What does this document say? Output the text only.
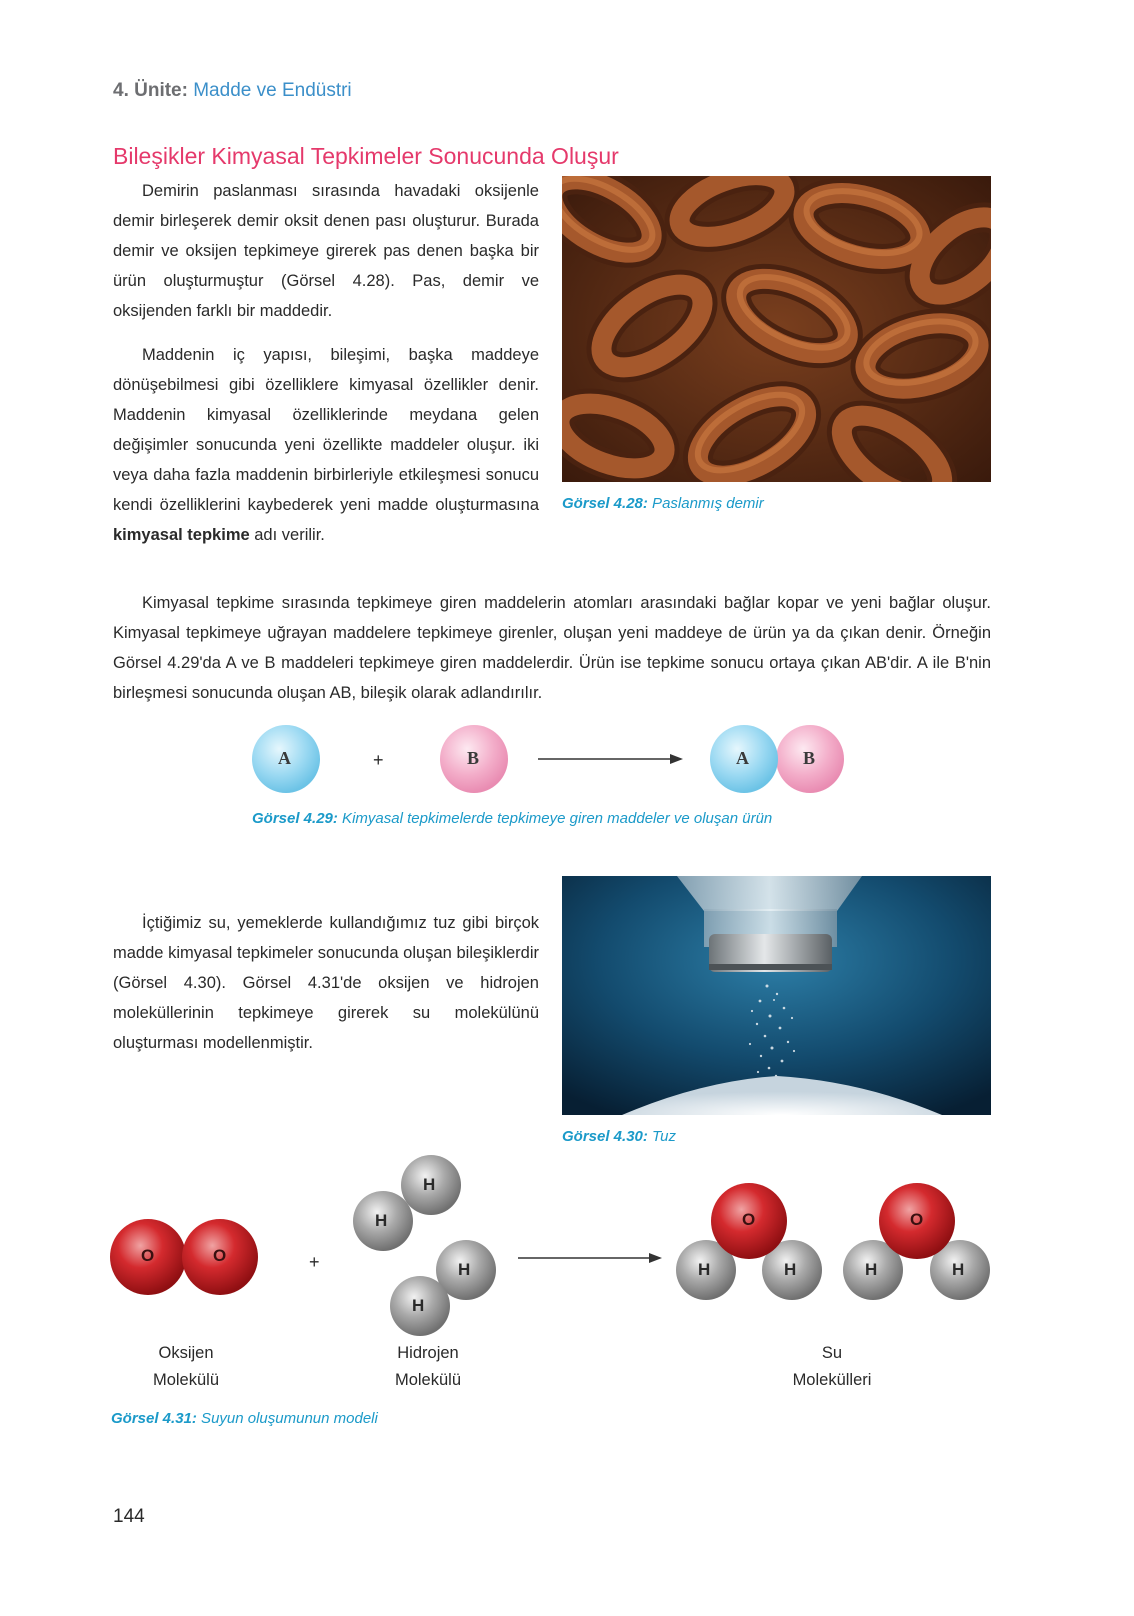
4. Ünite: Madde ve Endüstri
Bileşikler Kimyasal Tepkimeler Sonucunda Oluşur

Demirin paslanması sırasında havadaki oksijenle demir birleşerek demir oksit denen pası oluşturur. Burada demir ve oksijen tepkimeye girerek pas denen başka bir ürün oluşturmuştur (Görsel 4.28). Pas, demir ve oksijenden farklı bir maddedir.

Maddenin iç yapısı, bileşimi, başka maddeye dönüşebilmesi gibi özelliklere kimyasal özellikler denir. Maddenin kimyasal özelliklerinde meydana gelen değişimler sonucunda yeni özellikte maddeler oluşur. iki veya daha fazla maddenin birbirleriyle etkileşmesi sonucu kendi özelliklerini kaybederek yeni madde oluşturmasına kimyasal tepkime adı verilir.

Görsel 4.28: Paslanmış demir

Kimyasal tepkime sırasında tepkimeye giren maddelerin atomları arasındaki bağlar kopar ve yeni bağlar oluşur. Kimyasal tepkimeye uğrayan maddelere tepkimeye girenler, oluşan yeni maddeye de ürün ya da çıkan denir. Örneğin Görsel 4.29'da A ve B maddeleri tepkimeye giren maddelerdir. Ürün ise tepkime sonucu ortaya çıkan AB'dir. A ile B'nin birleşmesi sonucunda oluşan AB, bileşik olarak adlandırılır.

A	+	B	A	B
Görsel 4.29: Kimyasal tepkimelerde tepkimeye giren maddeler ve oluşan ürün

İçtiğimiz su, yemeklerde kullandığımız tuz gibi birçok madde kimyasal tepkimeler sonucunda oluşan bileşiklerdir (Görsel 4.30). Görsel 4.31'de oksijen ve hidrojen moleküllerinin tepkimeye girerek su molekülünü oluşturması modellenmiştir.

Görsel 4.30: Tuz
O	O	+
H
H
H
H
H	H
O
H	H
O
Oksijen
Molekülü
Hidrojen
Molekülü
Su
Molekülleri
Görsel 4.31: Suyun oluşumunun modeli
144
